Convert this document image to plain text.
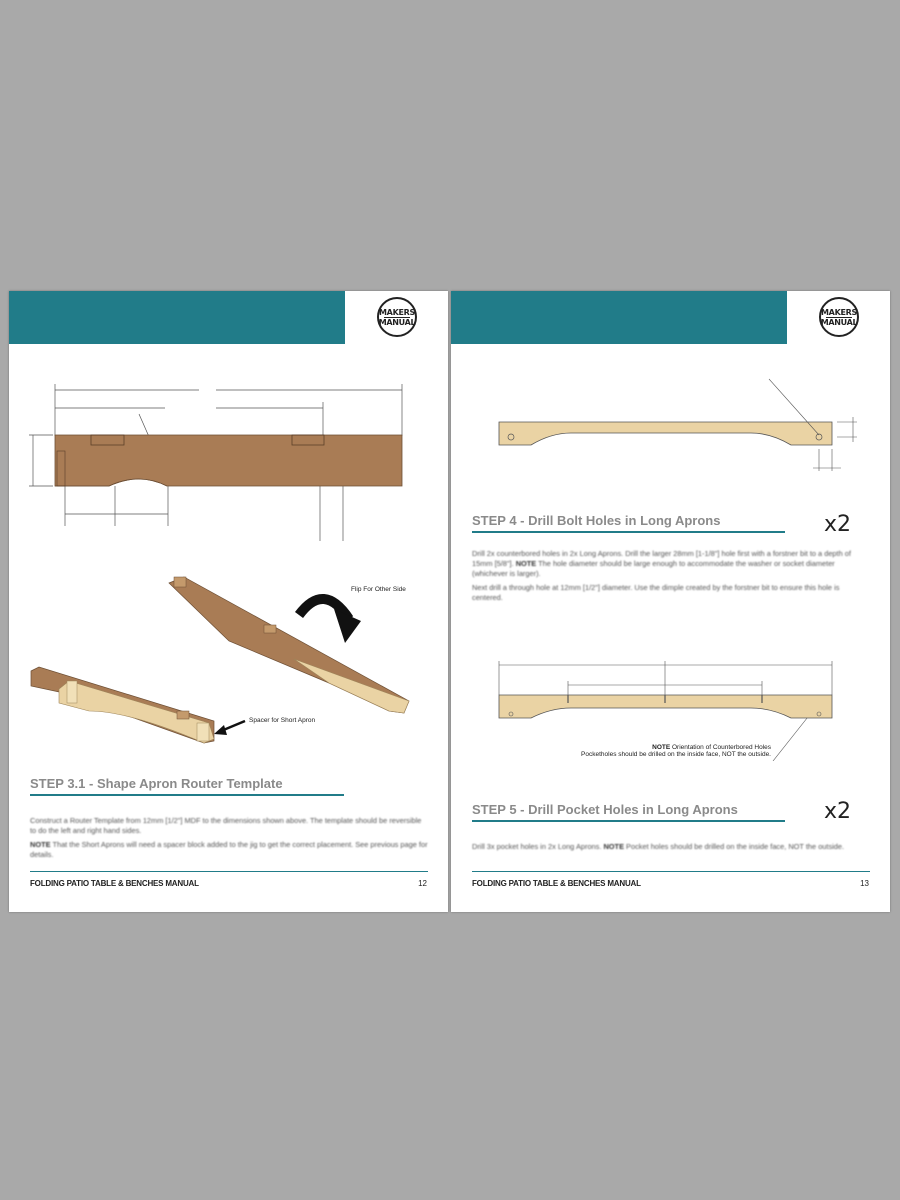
MAKERS
MANUAL
Flip For Other Side
Spacer for Short Apron
STEP 3.1 - Shape Apron Router Template

Construct a Router Template from 12mm [1/2"] MDF to the dimensions shown above. The template should be reversible to do the left and right hand sides.

NOTE That the Short Aprons will need a spacer block added to the jig to get the correct placement. See previous page for details.

FOLDING PATIO TABLE & BENCHES MANUAL	12
MAKERS
MANUAL
STEP 4 - Drill Bolt Holes in Long Aprons	x2

Drill 2x counterbored holes in 2x Long Aprons. Drill the larger 28mm [1-1/8"] hole first with a forstner bit to a depth of 15mm [5/8"]. NOTE The hole diameter should be large enough to accommodate the washer or socket diameter (whichever is larger).

Next drill a through hole at 12mm [1/2"] diameter. Use the dimple created by the forstner bit to ensure this hole is centered.

NOTE Orientation of Counterbored Holes
Pocketholes should be drilled on the inside face, NOT the outside.
STEP 5 - Drill Pocket Holes in Long Aprons	x2

Drill 3x pocket holes in 2x Long Aprons. NOTE Pocket holes should be drilled on the inside face, NOT the outside.

FOLDING PATIO TABLE & BENCHES MANUAL	13
